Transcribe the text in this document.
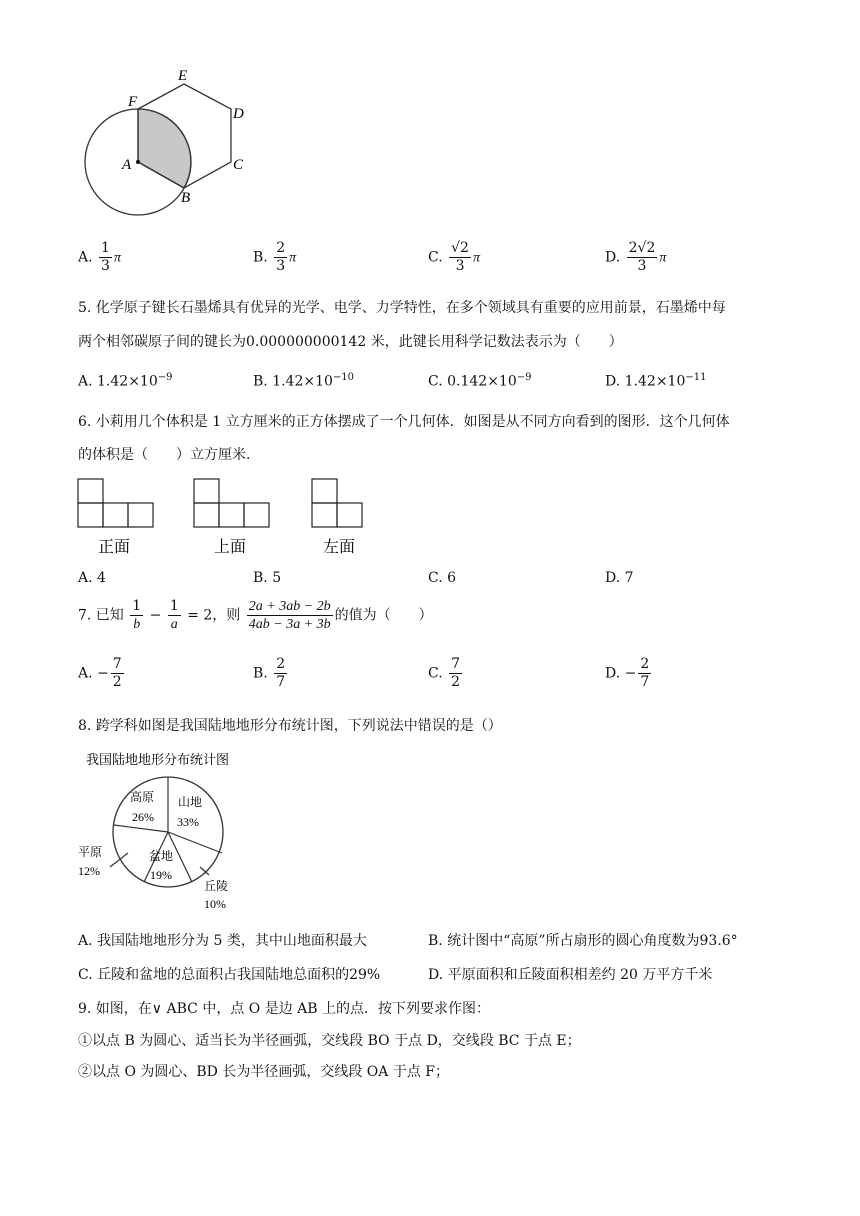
E
F
D
A	C
B
A. $\frac{1}{3}$ π	B. $\frac{2}{3}$ π	C. $\frac{√2}{3}$ π	D. $\frac{2√2}{3}$ π
5. 化学原子键长石墨烯具有优异的光学、电学、力学特性，在多个领域具有重要的应用前景，石墨烯中每
两个相邻碳原子间的键长为0.000000000142 米，此键长用科学记数法表示为（　　）
A. $1.42\times 10^{-9}$	B. $1.42\times 10^{-10}$	C. $0.142\times 10^{-9}$	D. $1.42\times 10^{-11}$
6. 小莉用几个体积是 1 立方厘米的正方体摆成了一个几何体．如图是从不同方向看到的图形．这个几何体
的体积是（　　）立方厘米．
正面	上面	左面
A. 4	B. 5	C. 6	D. 7
7. 已知 $\frac{1}{b} - \frac{1}{a} = 2$，则 $\frac{2a + 3ab - 2b}{4ab - 3a + 3b}$ 的值为（　　）
A. − $\frac{7}{2}$	B. $\frac{2}{7}$	C. $\frac{7}{2}$	D. − $\frac{2}{7}$
8. 跨学科如图是我国陆地地形分布统计图，下列说法中错误的是（）
我国陆地地形分布统计图
高原
26%
山地
33%
盆地
19%
平原
12%
丘陵
10%
A. 我国陆地地形分为 5 类，其中山地面积最大	B. 统计图中“高原”所占扇形的圆心角度数为93.6°
C. 丘陵和盆地的总面积占我国陆地总面积的29%	D. 平原面积和丘陵面积相差约 20 万平方千米
9. 如图，在∨ ABC 中，点 O 是边 AB 上的点．按下列要求作图：
①以点 B 为圆心、适当长为半径画弧，交线段 BO 于点 D，交线段 BC 于点 E；
②以点 O 为圆心、BD 长为半径画弧，交线段 OA 于点 F；
